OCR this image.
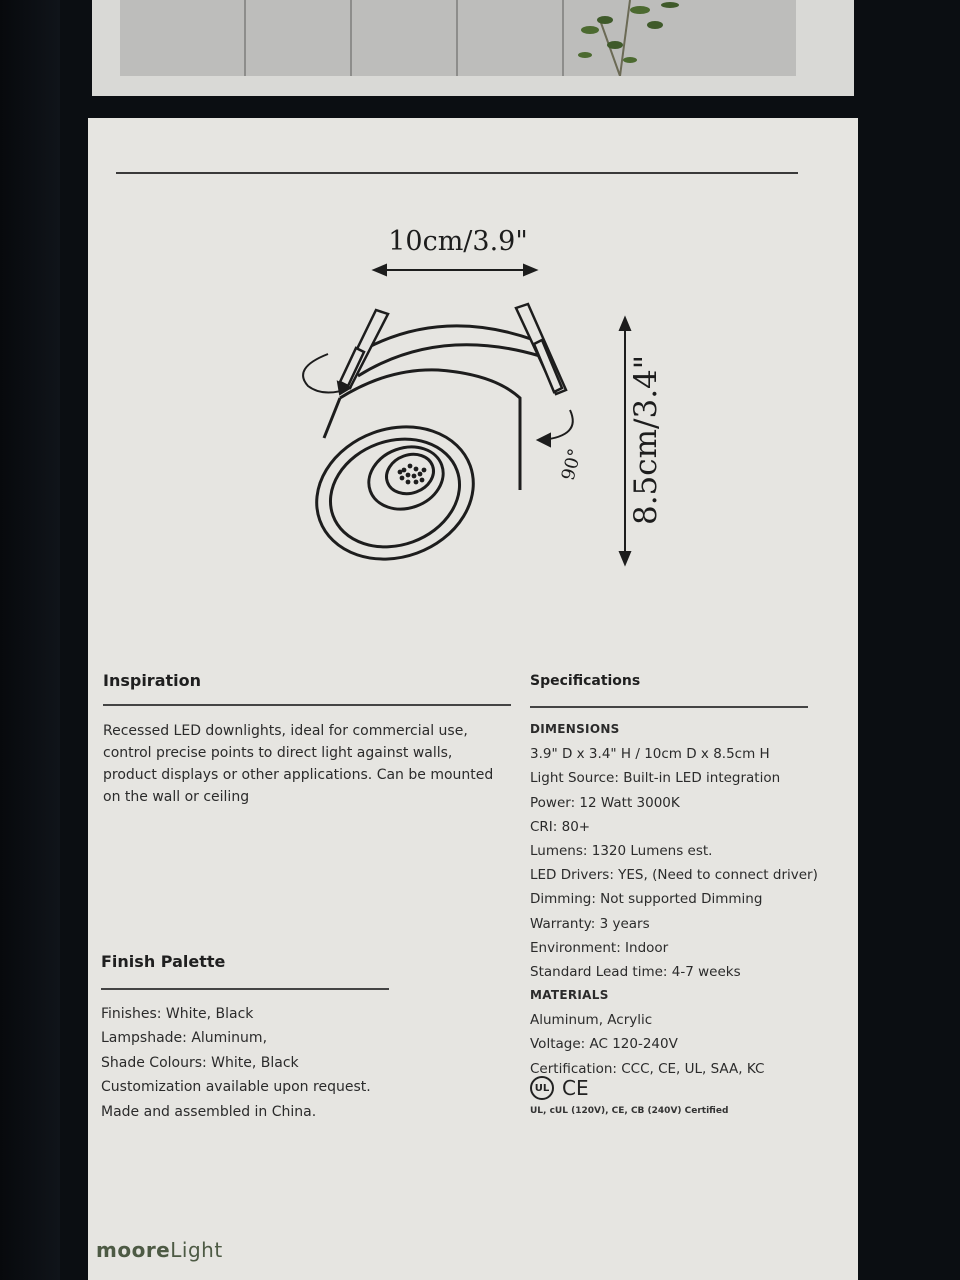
10cm/3.9"
8.5cm/3.4"
90°
Inspiration
Recessed LED downlights, ideal for commercial use,
control precise points to direct light against walls,
product displays or other applications. Can be mounted
on the wall or ceiling
Finish Palette
Finishes: White, Black
Lampshade: Aluminum,
Shade Colours: White, Black
Customization available upon request.
Made and assembled in China.
Specifications
DIMENSIONS
3.9" D x 3.4" H / 10cm D x 8.5cm H
Light Source: Built-in LED integration
Power: 12 Watt 3000K
CRI: 80+
Lumens: 1320 Lumens est.
LED Drivers: YES, (Need to connect driver)
Dimming: Not supported Dimming
Warranty: 3 years
Environment: Indoor
Standard Lead time: 4-7 weeks
MATERIALS
Aluminum, Acrylic
Voltage: AC 120-240V
Certification: CCC, CE, UL, SAA, KC
UL CE
UL, cUL (120V), CE, CB (240V) Certified
mooreLight
